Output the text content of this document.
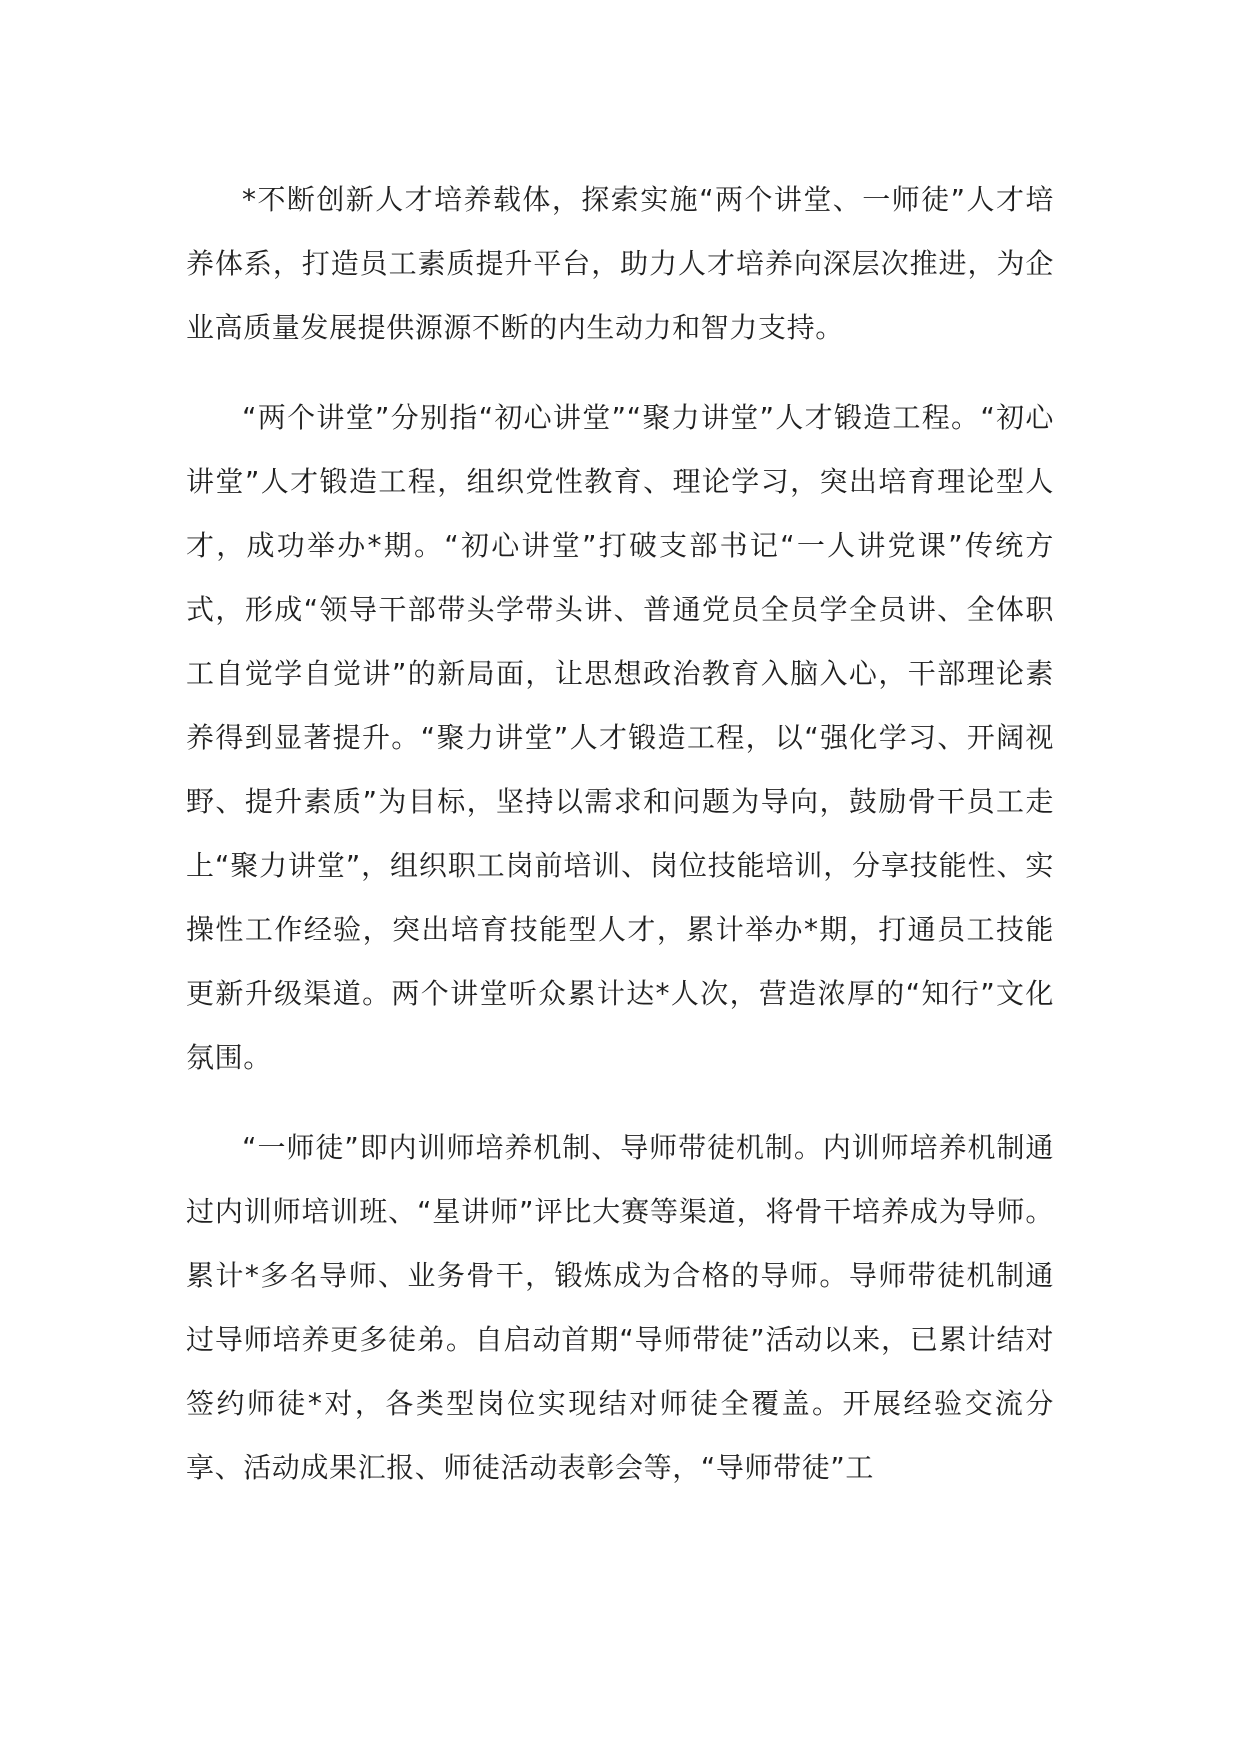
*不断创新人才培养载体，探索实施“两个讲堂、一师徒”人才培养体系，打造员工素质提升平台，助力人才培养向深层次推进，为企业高质量发展提供源源不断的内生动力和智力支持。

“两个讲堂”分别指“初心讲堂”“聚力讲堂”人才锻造工程。“初心讲堂”人才锻造工程，组织党性教育、理论学习，突出培育理论型人才，成功举办*期。“初心讲堂”打破支部书记“一人讲党课”传统方式，形成“领导干部带头学带头讲、普通党员全员学全员讲、全体职工自觉学自觉讲”的新局面，让思想政治教育入脑入心，干部理论素养得到显著提升。“聚力讲堂”人才锻造工程，以“强化学习、开阔视野、提升素质”为目标，坚持以需求和问题为导向，鼓励骨干员工走上“聚力讲堂”，组织职工岗前培训、岗位技能培训，分享技能性、实操性工作经验，突出培育技能型人才，累计举办*期，打通员工技能更新升级渠道。两个讲堂听众累计达*人次，营造浓厚的“知行”文化氛围。

“一师徒”即内训师培养机制、导师带徒机制。内训师培养机制通过内训师培训班、“星讲师”评比大赛等渠道，将骨干培养成为导师。累计*多名导师、业务骨干，锻炼成为合格的导师。导师带徒机制通过导师培养更多徒弟。自启动首期“导师带徒”活动以来，已累计结对签约师徒*对，各类型岗位实现结对师徒全覆盖。开展经验交流分享、活动成果汇报、师徒活动表彰会等，“导师带徒”工
